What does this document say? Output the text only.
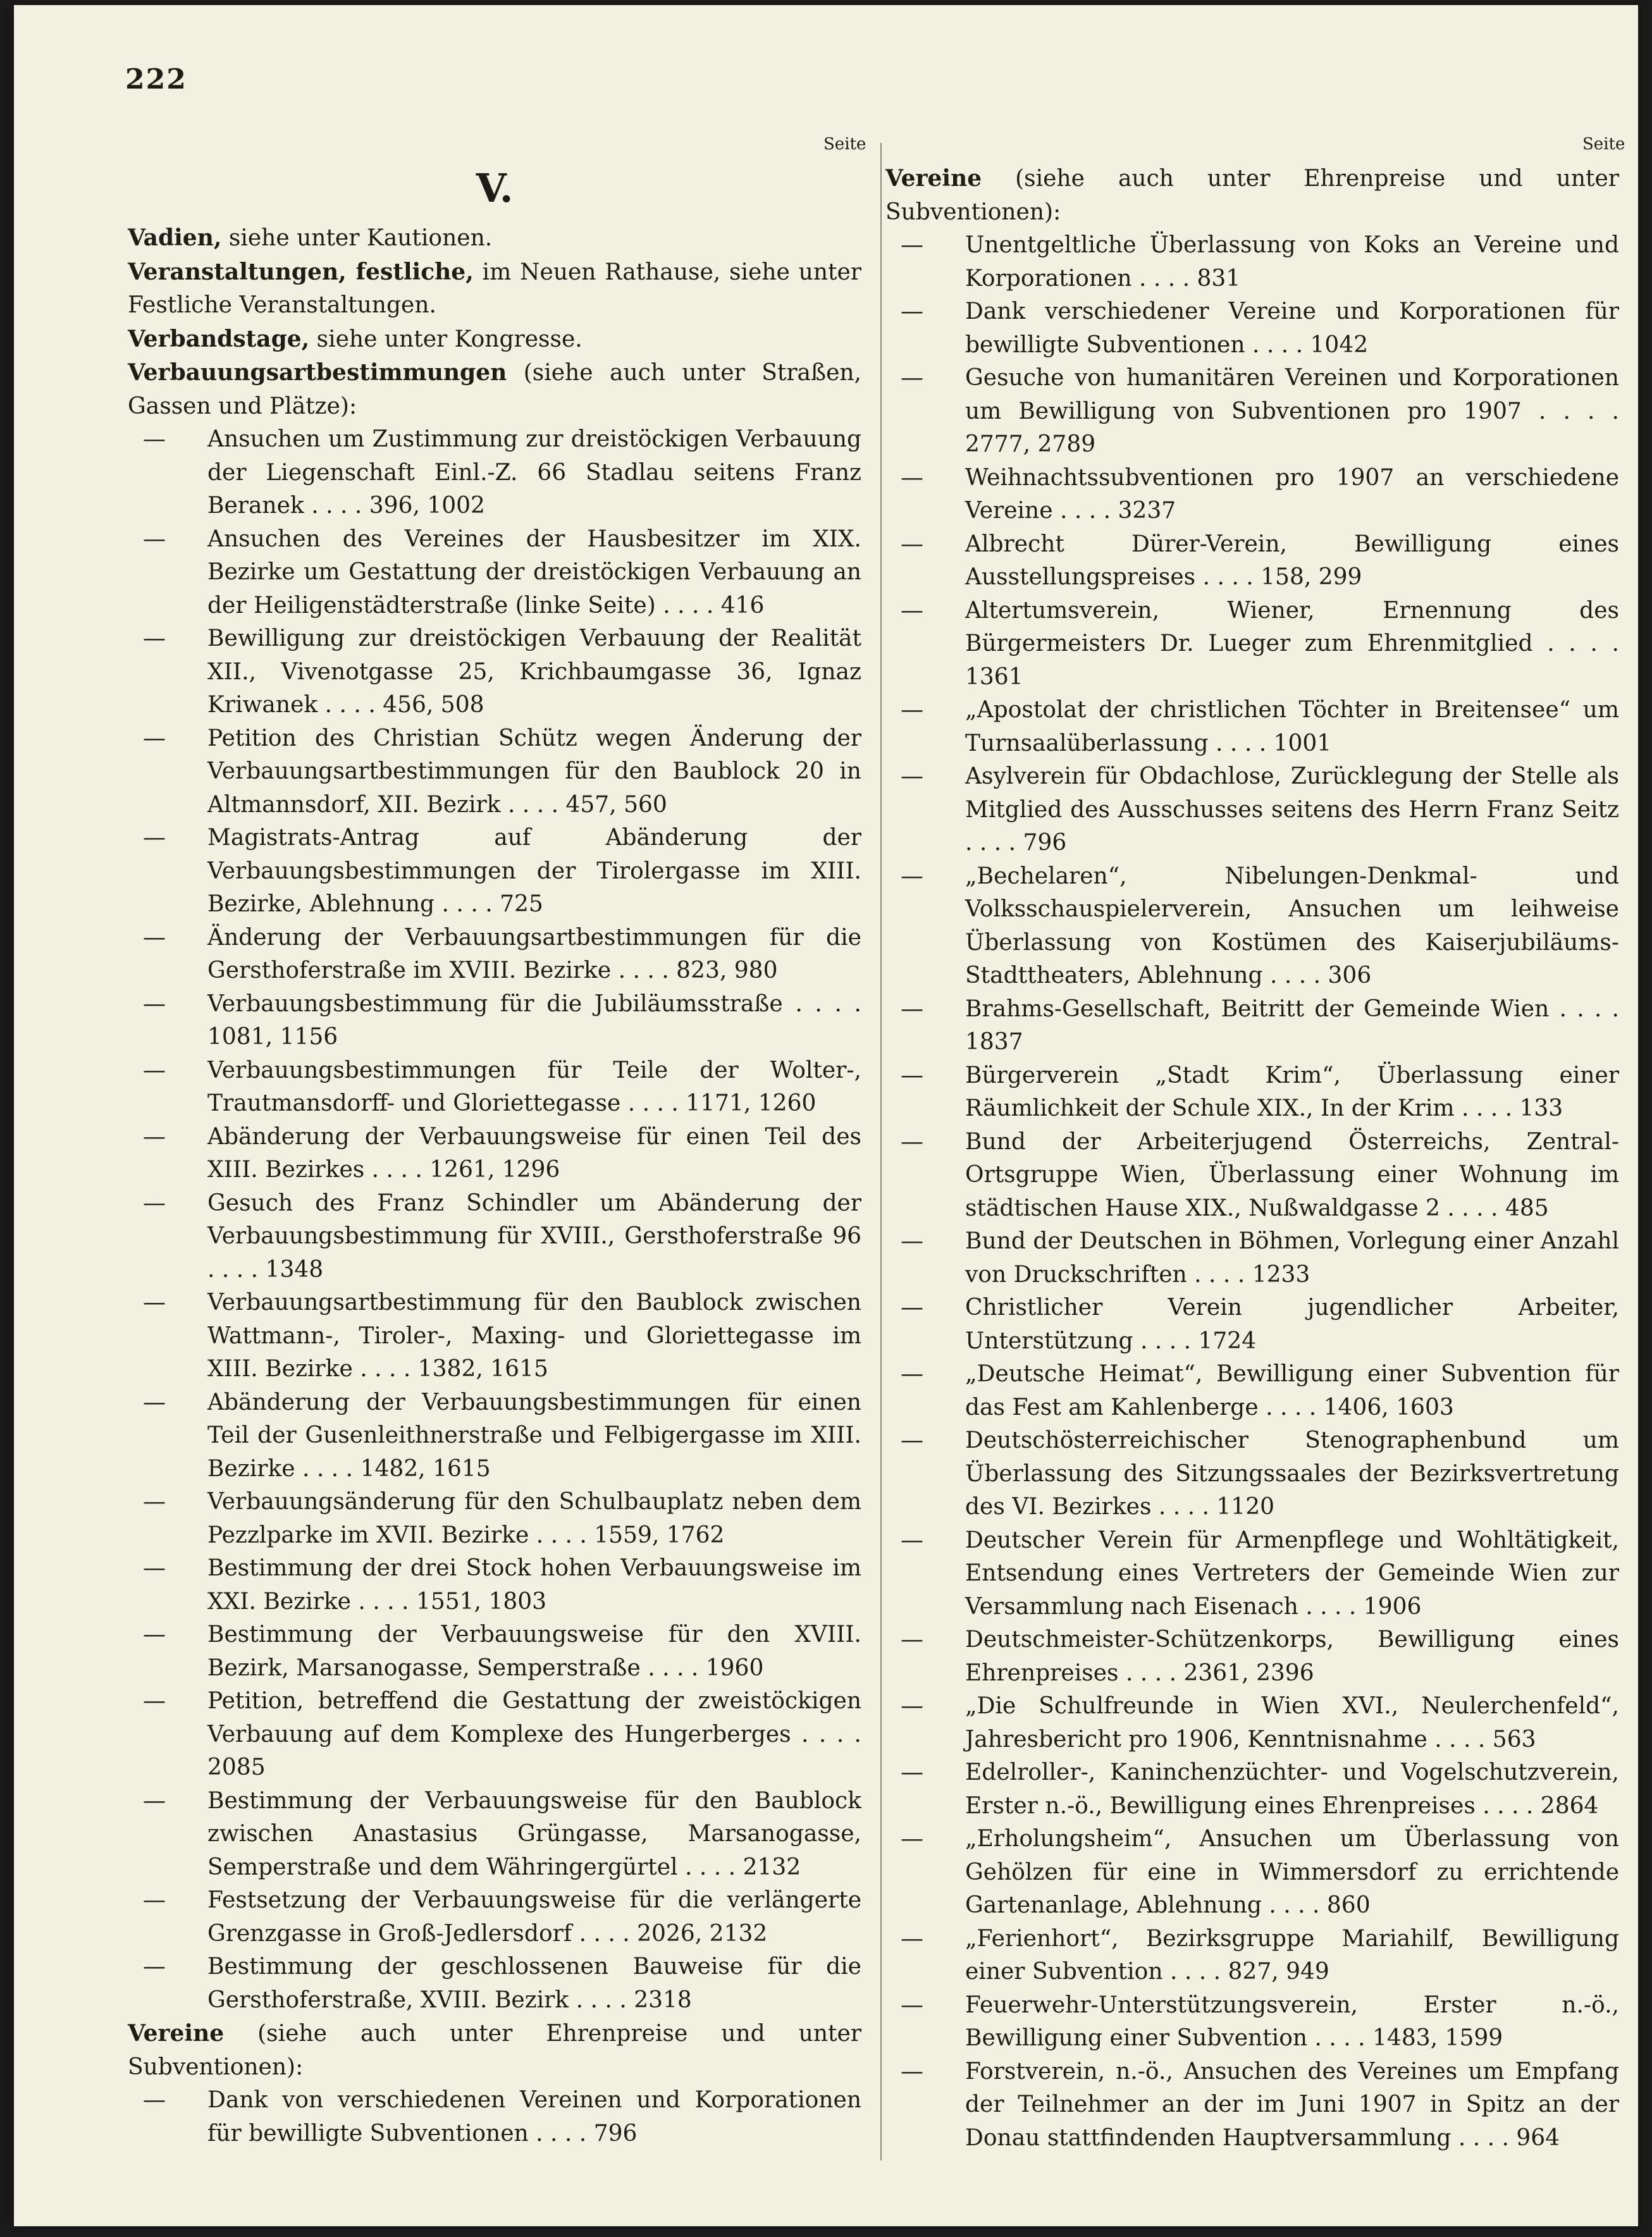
222
Seite	Seite
V.

Vadien, siehe unter Kautionen.

Veranstaltungen, festliche, im Neuen Rathause, siehe unter Festliche Veranstaltungen.

Verbandstage, siehe unter Kongresse.

Verbauungsartbestimmungen (siehe auch unter Straßen, Gassen und Plätze):

— Ansuchen um Zustimmung zur dreistöckigen Verbauung der Liegenschaft Einl.-Z. 66 Stadlau seitens Franz Beranek . . . . 396, 1002

— Ansuchen des Vereines der Hausbesitzer im XIX. Bezirke um Gestattung der dreistöckigen Verbauung an der Heiligenstädterstraße (linke Seite) . . . . 416

— Bewilligung zur dreistöckigen Verbauung der Realität XII., Vivenotgasse 25, Krichbaumgasse 36, Ignaz Kriwanek . . . . 456, 508

— Petition des Christian Schütz wegen Änderung der Verbauungsartbestimmungen für den Baublock 20 in Altmannsdorf, XII. Bezirk . . . . 457, 560

— Magistrats-Antrag auf Abänderung der Verbauungsbestimmungen der Tirolergasse im XIII. Bezirke, Ablehnung . . . . 725

— Änderung der Verbauungsartbestimmungen für die Gersthoferstraße im XVIII. Bezirke . . . . 823, 980

— Verbauungsbestimmung für die Jubiläumsstraße . . . . 1081, 1156

— Verbauungsbestimmungen für Teile der Wolter-, Trautmansdorff- und Gloriettegasse . . . . 1171, 1260

— Abänderung der Verbauungsweise für einen Teil des XIII. Bezirkes . . . . 1261, 1296

— Gesuch des Franz Schindler um Abänderung der Verbauungsbestimmung für XVIII., Gersthoferstraße 96 . . . . 1348

— Verbauungsartbestimmung für den Baublock zwischen Wattmann-, Tiroler-, Maxing- und Gloriettegasse im XIII. Bezirke . . . . 1382, 1615

— Abänderung der Verbauungsbestimmungen für einen Teil der Gusenleithnerstraße und Felbigergasse im XIII. Bezirke . . . . 1482, 1615

— Verbauungsänderung für den Schulbauplatz neben dem Pezzlparke im XVII. Bezirke . . . . 1559, 1762

— Bestimmung der drei Stock hohen Verbauungsweise im XXI. Bezirke . . . . 1551, 1803

— Bestimmung der Verbauungsweise für den XVIII. Bezirk, Marsanogasse, Semperstraße . . . . 1960

— Petition, betreffend die Gestattung der zweistöckigen Verbauung auf dem Komplexe des Hungerberges . . . . 2085

— Bestimmung der Verbauungsweise für den Baublock zwischen Anastasius Grüngasse, Marsanogasse, Semperstraße und dem Währingergürtel . . . . 2132

— Festsetzung der Verbauungsweise für die verlängerte Grenzgasse in Groß-Jedlersdorf . . . . 2026, 2132

— Bestimmung der geschlossenen Bauweise für die Gersthoferstraße, XVIII. Bezirk . . . . 2318

Vereine (siehe auch unter Ehrenpreise und unter Subventionen):

— Dank von verschiedenen Vereinen und Korporationen für bewilligte Subventionen . . . . 796

Vereine (siehe auch unter Ehrenpreise und unter Subventionen):

— Unentgeltliche Überlassung von Koks an Vereine und Korporationen . . . . 831

— Dank verschiedener Vereine und Korporationen für bewilligte Subventionen . . . . 1042

— Gesuche von humanitären Vereinen und Korporationen um Bewilligung von Subventionen pro 1907 . . . . 2777, 2789

— Weihnachtssubventionen pro 1907 an verschiedene Vereine . . . . 3237

— Albrecht Dürer-Verein, Bewilligung eines Ausstellungspreises . . . . 158, 299

— Altertumsverein, Wiener, Ernennung des Bürgermeisters Dr. Lueger zum Ehrenmitglied . . . . 1361

— „Apostolat der christlichen Töchter in Breitensee“ um Turnsaalüberlassung . . . . 1001

— Asylverein für Obdachlose, Zurücklegung der Stelle als Mitglied des Ausschusses seitens des Herrn Franz Seitz . . . . 796

— „Bechelaren“, Nibelungen-Denkmal- und Volksschauspielerverein, Ansuchen um leihweise Überlassung von Kostümen des Kaiserjubiläums-Stadttheaters, Ablehnung . . . . 306

— Brahms-Gesellschaft, Beitritt der Gemeinde Wien . . . . 1837

— Bürgerverein „Stadt Krim“, Überlassung einer Räumlichkeit der Schule XIX., In der Krim . . . . 133

— Bund der Arbeiterjugend Österreichs, Zentral-Ortsgruppe Wien, Überlassung einer Wohnung im städtischen Hause XIX., Nußwaldgasse 2 . . . . 485

— Bund der Deutschen in Böhmen, Vorlegung einer Anzahl von Druckschriften . . . . 1233

— Christlicher Verein jugendlicher Arbeiter, Unterstützung . . . . 1724

— „Deutsche Heimat“, Bewilligung einer Subvention für das Fest am Kahlenberge . . . . 1406, 1603

— Deutschösterreichischer Stenographenbund um Überlassung des Sitzungssaales der Bezirksvertretung des VI. Bezirkes . . . . 1120

— Deutscher Verein für Armenpflege und Wohltätigkeit, Entsendung eines Vertreters der Gemeinde Wien zur Versammlung nach Eisenach . . . . 1906

— Deutschmeister-Schützenkorps, Bewilligung eines Ehrenpreises . . . . 2361, 2396

— „Die Schulfreunde in Wien XVI., Neulerchenfeld“, Jahresbericht pro 1906, Kenntnisnahme . . . . 563

— Edelroller-, Kaninchenzüchter- und Vogelschutzverein, Erster n.-ö., Bewilligung eines Ehrenpreises . . . . 2864

— „Erholungsheim“, Ansuchen um Überlassung von Gehölzen für eine in Wimmersdorf zu errichtende Gartenanlage, Ablehnung . . . . 860

— „Ferienhort“, Bezirksgruppe Mariahilf, Bewilligung einer Subvention . . . . 827, 949

— Feuerwehr-Unterstützungsverein, Erster n.-ö., Bewilligung einer Subvention . . . . 1483, 1599

— Forstverein, n.-ö., Ansuchen des Vereines um Empfang der Teilnehmer an der im Juni 1907 in Spitz an der Donau stattfindenden Hauptversammlung . . . . 964
